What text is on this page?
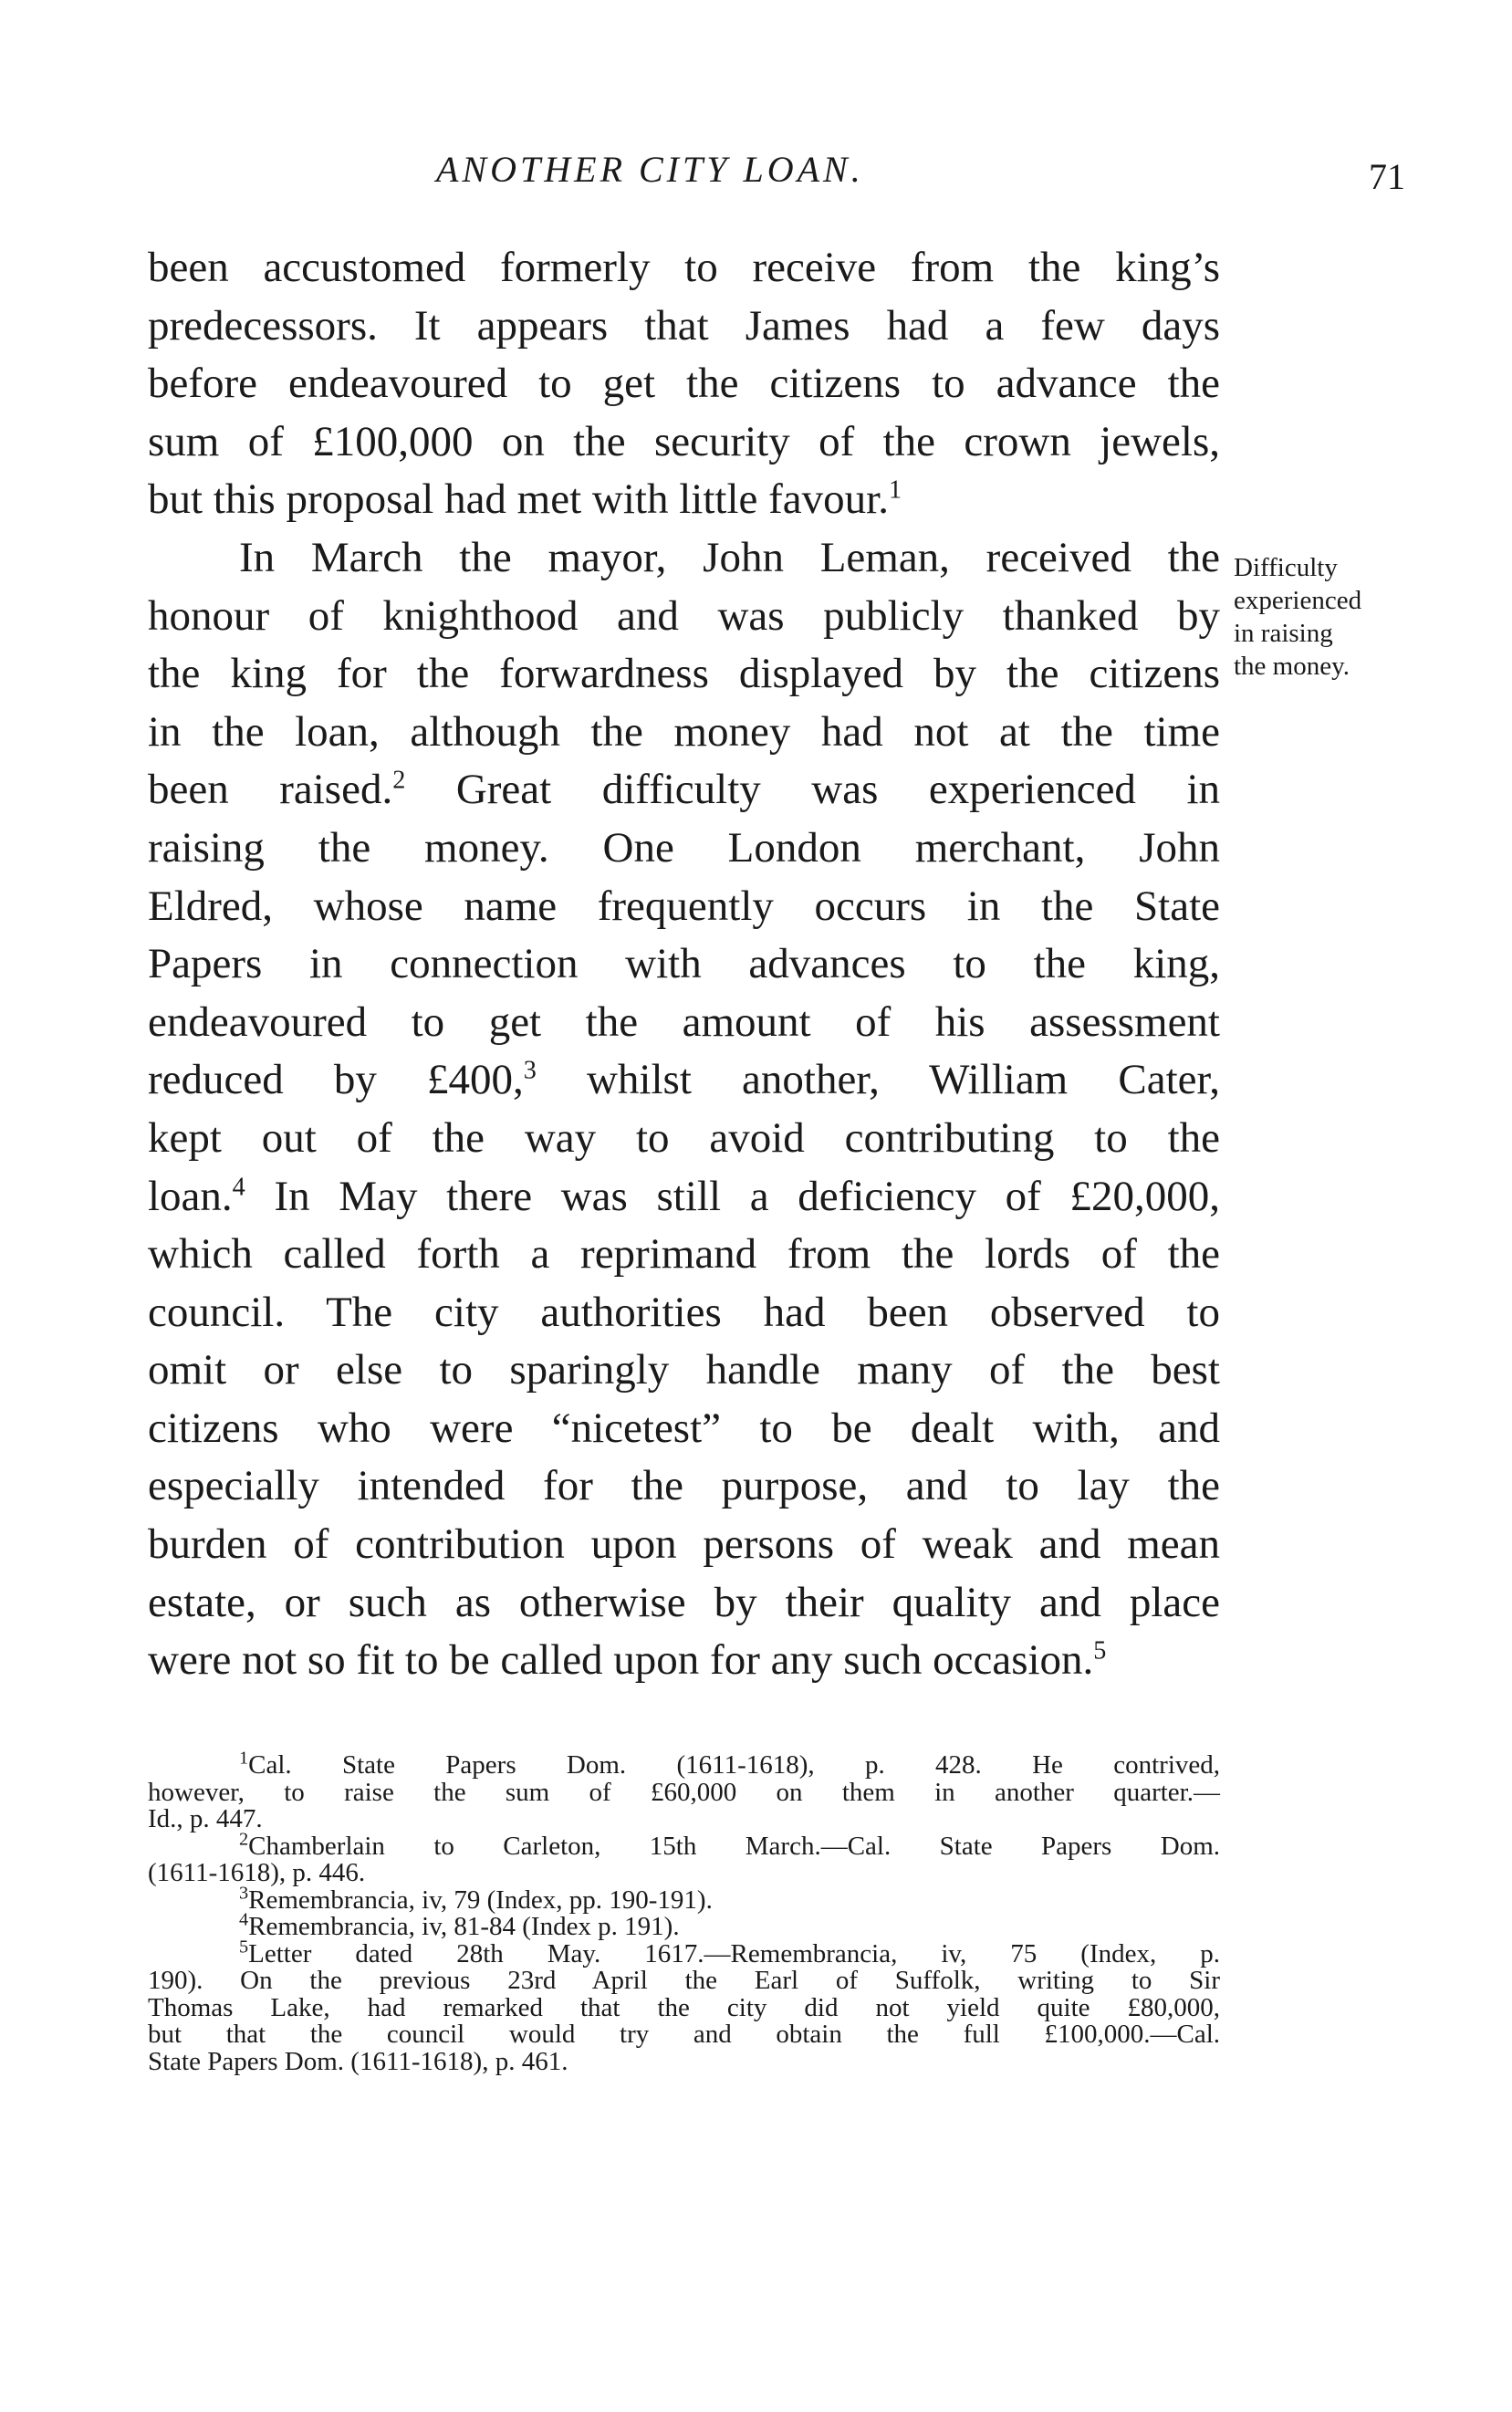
ANOTHER CITY LOAN.	71
been accustomed formerly to receive from the king’s
predecessors. It appears that James had a few days
before endeavoured to get the citizens to advance the
sum of £100,000 on the security of the crown jewels,
but this proposal had met with little favour.$^1$
In March the mayor, John Leman, received the
honour of knighthood and was publicly thanked by
the king for the forwardness displayed by the citizens
in the loan, although the money had not at the time
been raised.$^2$ Great difficulty was experienced in
raising the money. One London merchant, John
Eldred, whose name frequently occurs in the State
Papers in connection with advances to the king,
endeavoured to get the amount of his assessment
reduced by £400,$^3$ whilst another, William Cater,
kept out of the way to avoid contributing to the
loan.$^4$ In May there was still a deficiency of £20,000,
which called forth a reprimand from the lords of the
council. The city authorities had been observed to
omit or else to sparingly handle many of the best
citizens who were “nicetest” to be dealt with, and
especially intended for the purpose, and to lay the
burden of contribution upon persons of weak and mean
estate, or such as otherwise by their quality and place
were not so fit to be called upon for any such occasion.$^5$
Difficulty
experienced
in raising
the money.
$^1$Cal. State Papers Dom. (1611-1618), p. 428. He contrived,
however, to raise the sum of £60,000 on them in another quarter.—
Id., p. 447.
$^2$Chamberlain to Carleton, 15th March.—Cal. State Papers Dom.
(1611-1618), p. 446.
$^3$Remembrancia, iv, 79 (Index, pp. 190-191).
$^4$Remembrancia, iv, 81-84 (Index p. 191).
$^5$Letter dated 28th May. 1617.—Remembrancia, iv, 75 (Index, p.
190). On the previous 23rd April the Earl of Suffolk, writing to Sir
Thomas Lake, had remarked that the city did not yield quite £80,000,
but that the council would try and obtain the full £100,000.—Cal.
State Papers Dom. (1611-1618), p. 461.
